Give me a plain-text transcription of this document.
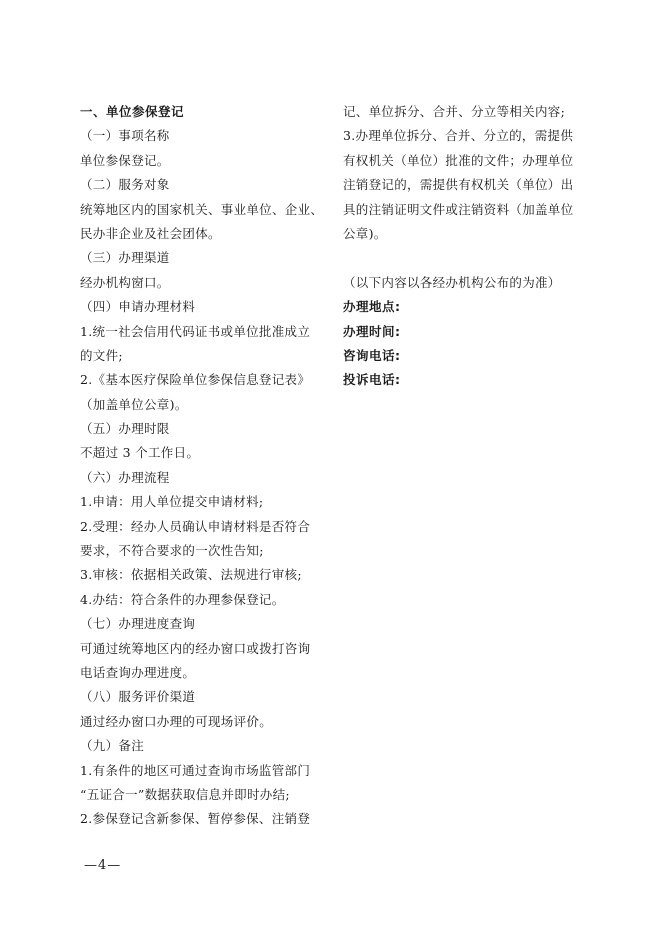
一、单位参保登记
（一）事项名称
单位参保登记。
（二）服务对象
统筹地区内的国家机关、事业单位、企业、
民办非企业及社会团体。
（三）办理渠道
经办机构窗口。
（四）申请办理材料
1.统一社会信用代码证书或单位批准成立
的文件;
2.《基本医疗保险单位参保信息登记表》
（加盖单位公章)。
（五）办理时限
不超过 3 个工作日。
（六）办理流程
1.申请：用人单位提交申请材料;
2.受理：经办人员确认申请材料是否符合
要求，不符合要求的一次性告知;
3.审核：依据相关政策、法规进行审核;
4.办结：符合条件的办理参保登记。
（七）办理进度查询
可通过统筹地区内的经办窗口或拨打咨询
电话查询办理进度。
（八）服务评价渠道
通过经办窗口办理的可现场评价。
（九）备注
1.有条件的地区可通过查询市场监管部门
“五证合一”数据获取信息并即时办结;
2.参保登记含新参保、暂停参保、注销登
记、单位拆分、合并、分立等相关内容;
3.办理单位拆分、合并、分立的，需提供
有权机关（单位）批准的文件；办理单位
注销登记的，需提供有权机关（单位）出
具的注销证明文件或注销资料（加盖单位
公章)。
（以下内容以各经办机构公布的为准）
办理地点:
办理时间:
咨询电话:
投诉电话:
—4—
